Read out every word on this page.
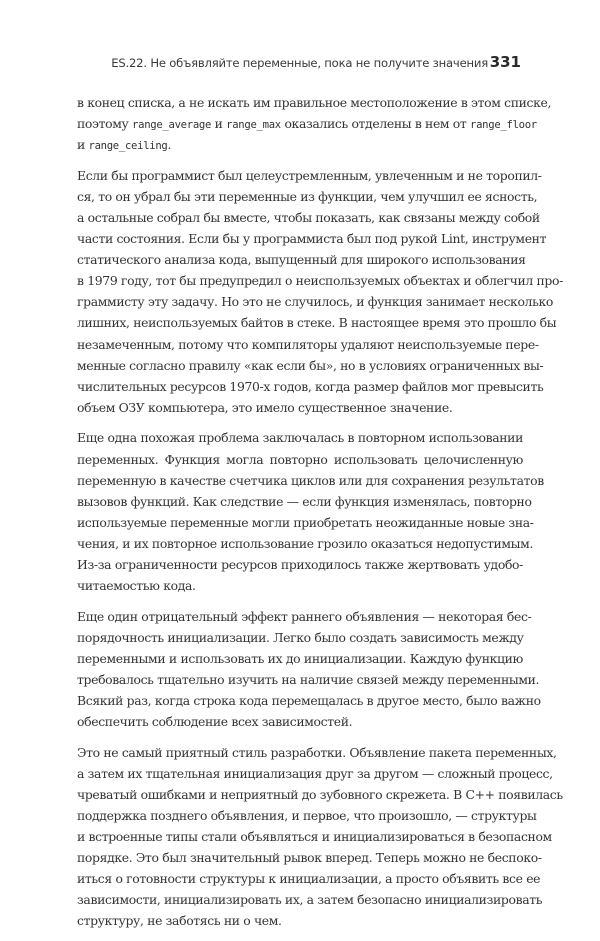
ES.22. Не объявляйте переменные, пока не получите значения 331
в конец списка, а не искать им правильное местоположение в этом списке,
поэтому range_average и range_max оказались отделены в нем от range_floor
и range_ceiling.
Если бы программист был целеустремленным, увлеченным и не торопил-
ся, то он убрал бы эти переменные из функции, чем улучшил ее ясность,
а остальные собрал бы вместе, чтобы показать, как связаны между собой
части состояния. Если бы у программиста был под рукой Lint, инструмент
статического анализа кода, выпущенный для широкого использования
в 1979 году, тот бы предупредил о неиспользуемых объектах и облегчил про-
граммисту эту задачу. Но это не случилось, и функция занимает несколько
лишних, неиспользуемых байтов в стеке. В настоящее время это прошло бы
незамеченным, потому что компиляторы удаляют неиспользуемые пере-
менные согласно правилу «как если бы», но в условиях ограниченных вы-
числительных ресурсов 1970-х годов, когда размер файлов мог превысить
объем ОЗУ компьютера, это имело существенное значение.
Еще одна похожая проблема заключалась в повторном использовании
переменных. Функция могла повторно использовать целочисленную
переменную в качестве счетчика циклов или для сохранения результатов
вызовов функций. Как следствие — если функция изменялась, повторно
используемые переменные могли приобретать неожиданные новые зна-
чения, и их повторное использование грозило оказаться недопустимым.
Из-за ограниченности ресурсов приходилось также жертвовать удобо-
читаемостью кода.
Еще один отрицательный эффект раннего объявления — некоторая бес-
порядочность инициализации. Легко было создать зависимость между
переменными и использовать их до инициализации. Каждую функцию
требовалось тщательно изучить на наличие связей между переменными.
Всякий раз, когда строка кода перемещалась в другое место, было важно
обеспечить соблюдение всех зависимостей.
Это не самый приятный стиль разработки. Объявление пакета переменных,
а затем их тщательная инициализация друг за другом — сложный процесс,
чреватый ошибками и неприятный до зубовного скрежета. В C++ появилась
поддержка позднего объявления, и первое, что произошло, — структуры
и встроенные типы стали объявляться и инициализироваться в безопасном
порядке. Это был значительный рывок вперед. Теперь можно не беспоко-
иться о готовности структуры к инициализации, а просто объявить все ее
зависимости, инициализировать их, а затем безопасно инициализировать
структуру, не заботясь ни о чем.
